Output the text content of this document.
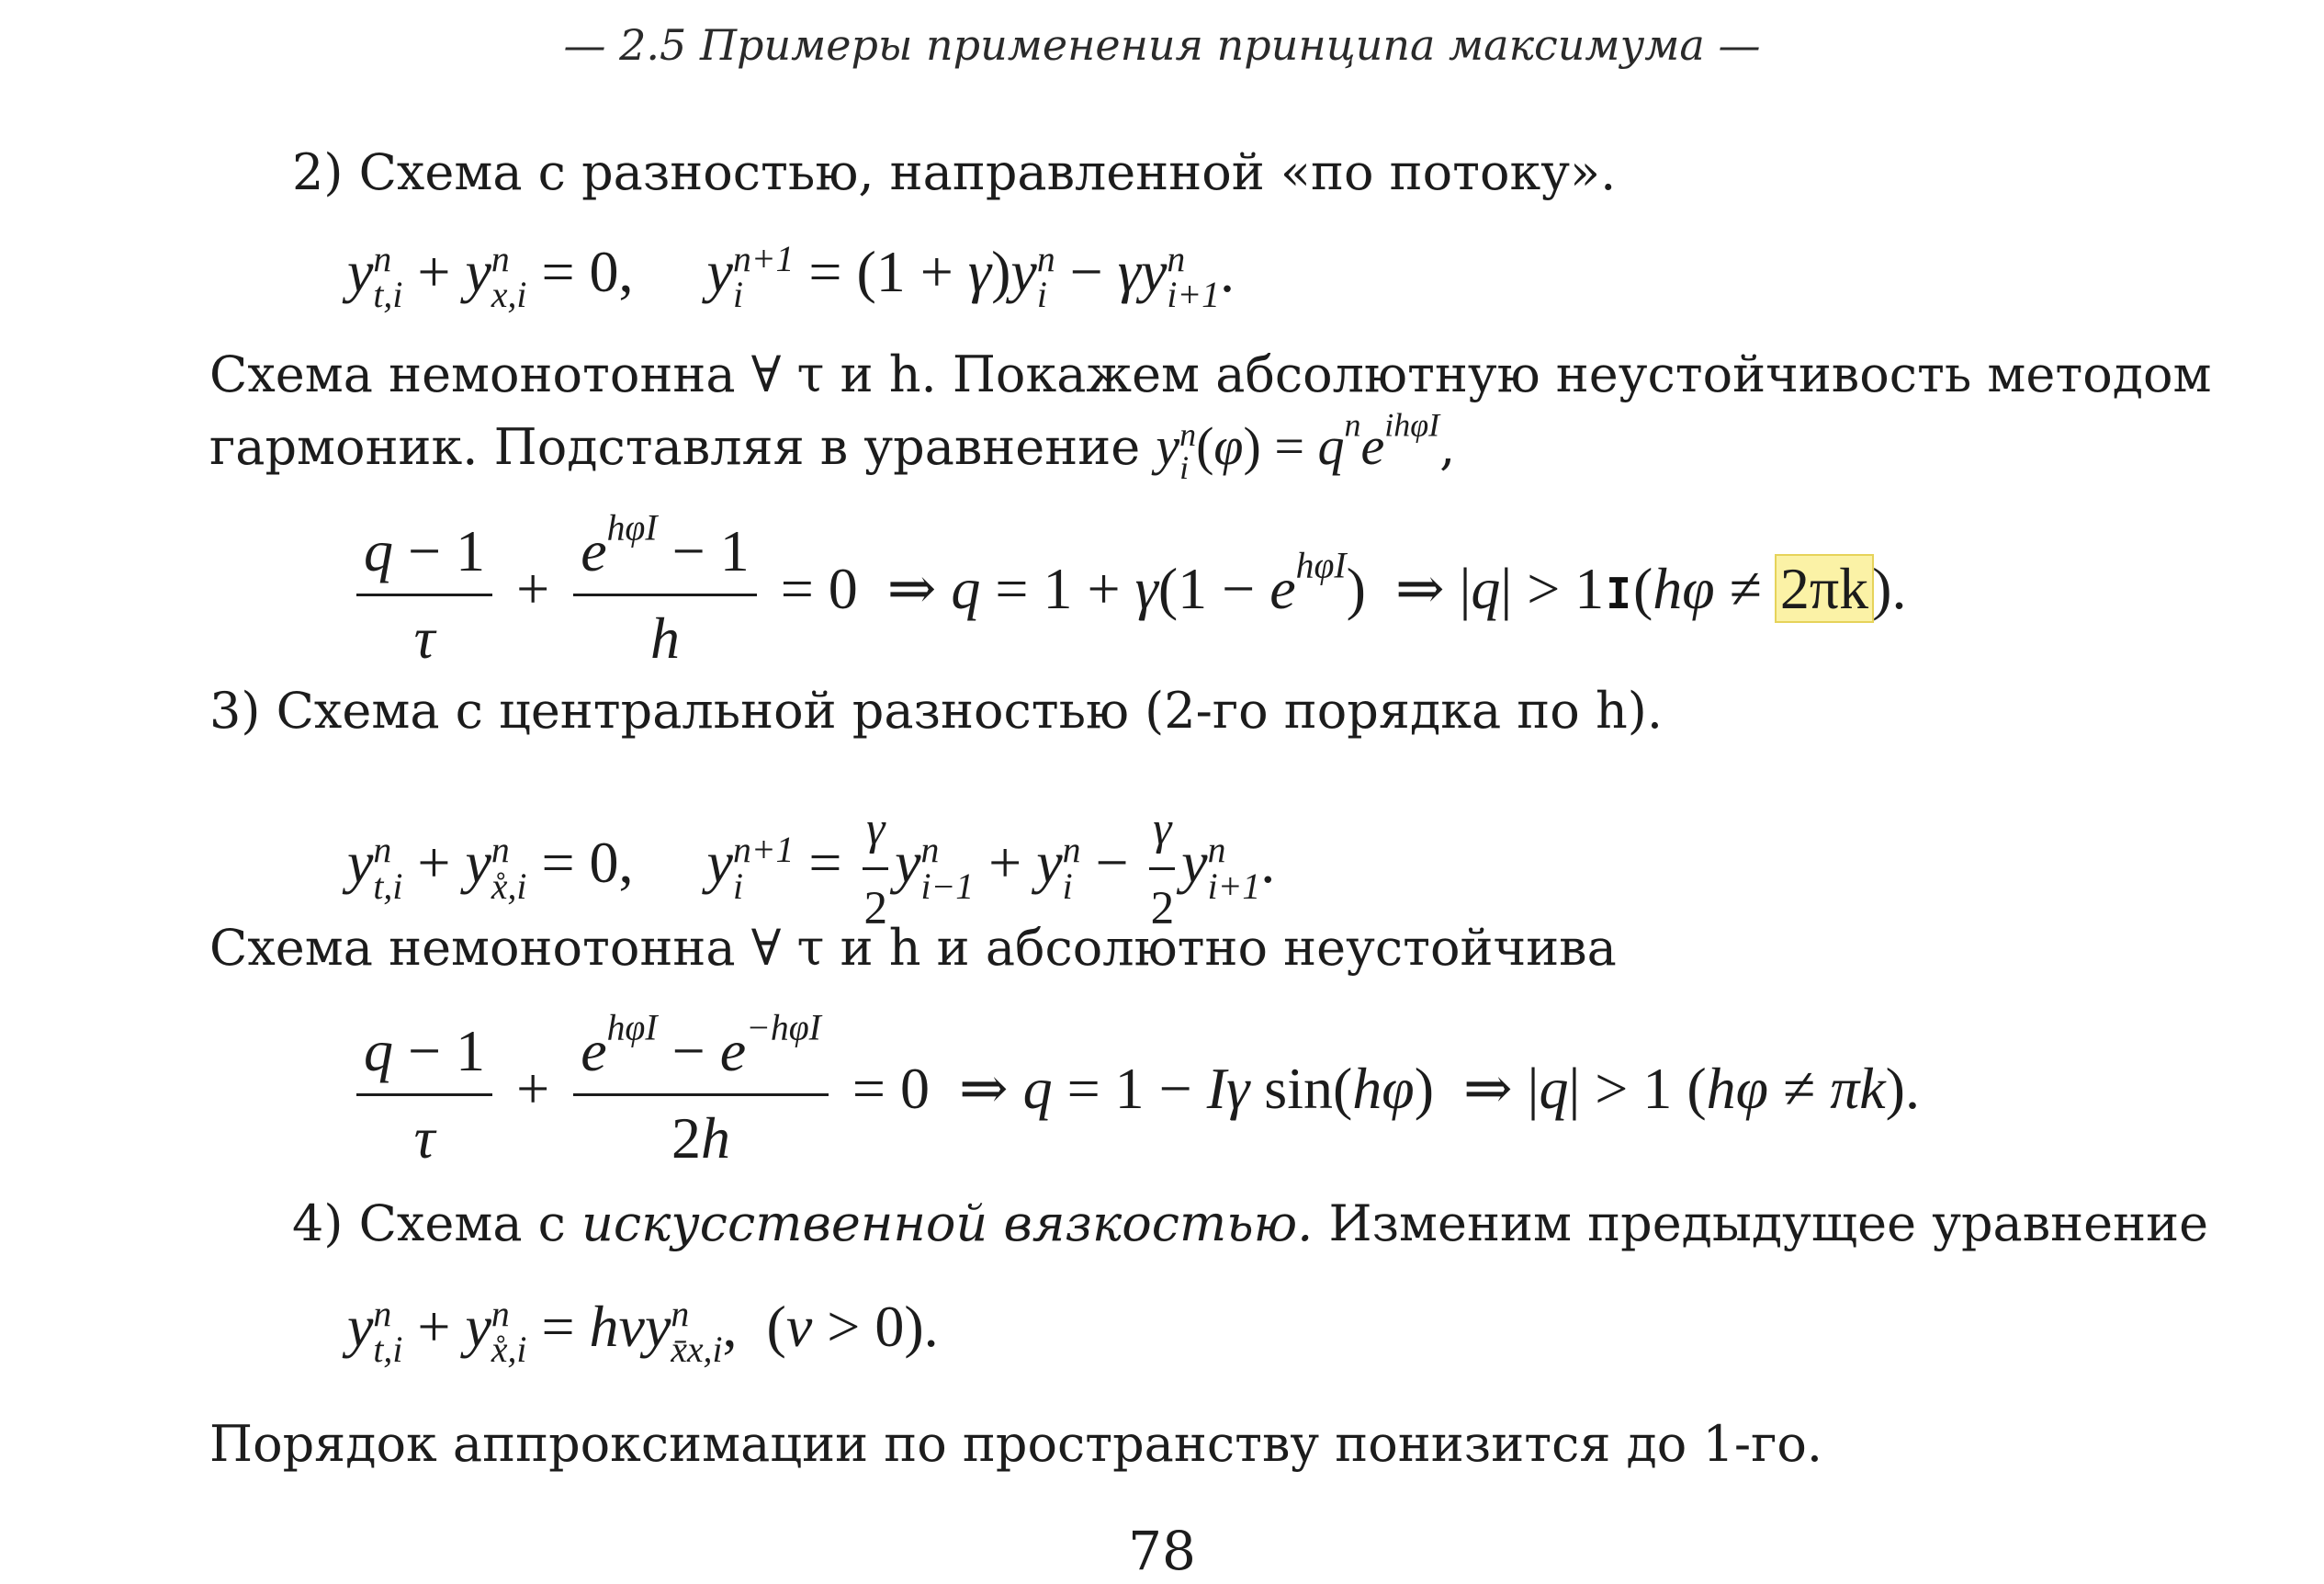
— 2.5 Примеры применения принципа максимума —
2) Схема с разностью, направленной «по потоку».
y n
t,i + y n
x,i = 0,     y n+1
i = (1 + γ)y n
i − γy n
i+1 .
Схема немонотонна ∀ τ и h. Покажем абсолютную неустойчивость методом
гармоник. Подставляя в уравнение y n
i $(\varphi) = q^ne^{ih\varphi I}$,
$\frac{q - 1}{\tau} + \frac{e^{h\varphi I} - 1}{h} = 0$  ⇒ $q = 1 + \gamma(1 - e^{h\varphi I})$  ⇒ |q| > 1I(hφ ≠ 2πk).
3) Схема с центральной разностью (2-го порядка по h).
y n
t,i + y n
x̊,i = 0,     y n+1
$i = \frac{\gamma}{2}$ y n
i−1 + y n
$i - \frac{\gamma}{2}$ y n
i+1 .
Схема немонотонна ∀ τ и h и абсолютно неустойчива
$\frac{q - 1}{\tau} + \frac{e^{h\varphi I} - e^{-h\varphi I}}{2h} = 0$  ⇒ q = 1 − Iγ sin(hφ)  ⇒ |q| > 1 (hφ ≠ πk).
4) Схема с искусственной вязкостью. Изменим предыдущее уравнение
y n
t,i + y n
x̊,i = hνy n
x̄x,i ,  (ν > 0).
Порядок аппроксимации по пространству понизится до 1-го.
78
